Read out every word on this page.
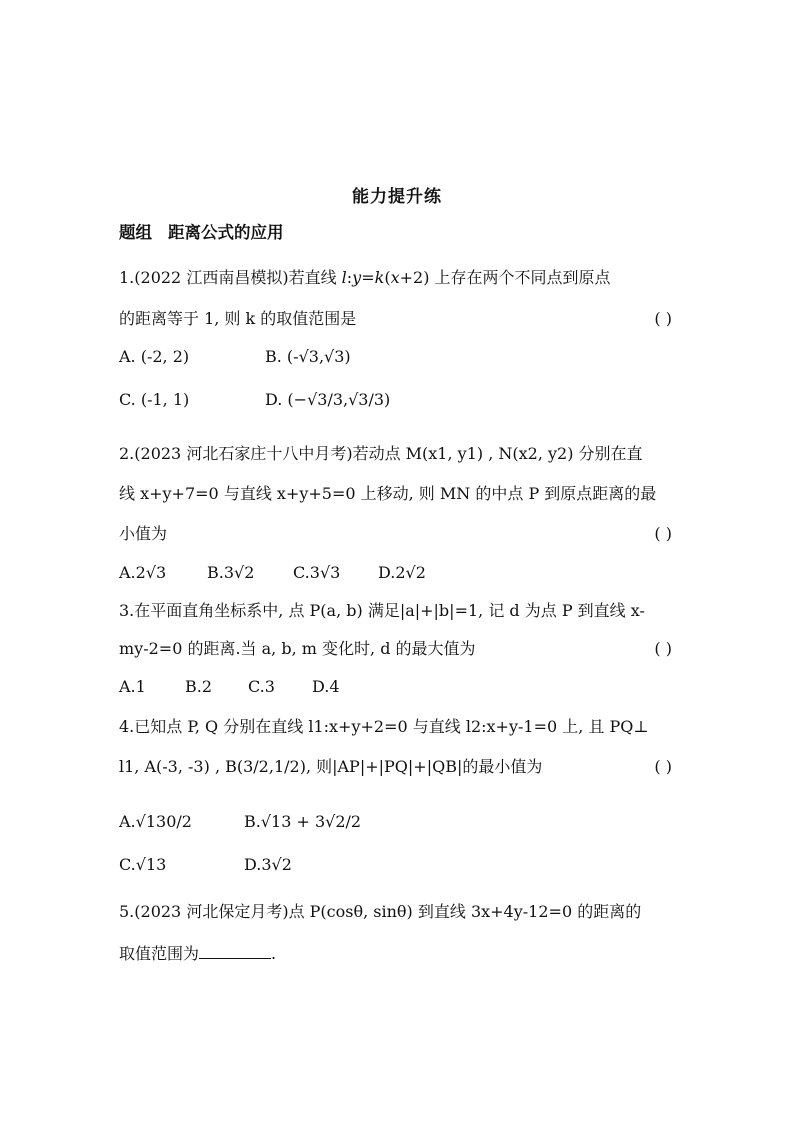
能力提升练
题组 距离公式的应用
1.(2022 江西南昌模拟)若直线 l:y=k(x+2) 上存在两个不同点到原点
的距离等于 1, 则 k 的取值范围是	( )
A. (-2, 2)	B. (-√3,√3)
C. (-1, 1)	D. (−√3/3,√3/3)
2.(2023 河北石家庄十八中月考)若动点 M(x1, y1) , N(x2, y2) 分别在直
线 x+y+7=0 与直线 x+y+5=0 上移动, 则 MN 的中点 P 到原点距离的最
小值为	( )
A.2√3	B.3√2 C.3√3 D.2√2
3.在平面直角坐标系中, 点 P(a, b) 满足|a|+|b|=1, 记 d 为点 P 到直线 x-
my-2=0 的距离.当 a, b, m 变化时, d 的最大值为	( )
A.1 B.2 C.3 D.4
4.已知点 P, Q 分别在直线 l1:x+y+2=0 与直线 l2:x+y-1=0 上, 且 PQ⊥
l1, A(-3, -3) , B(3/2,1/2), 则|AP|+|PQ|+|QB|的最小值为	( )
A.√130/2	B.√13 + 3√2/2
C.√13	D.3√2
5.(2023 河北保定月考)点 P(cosθ, sinθ) 到直线 3x+4y-12=0 的距离的
取值范围为	.
